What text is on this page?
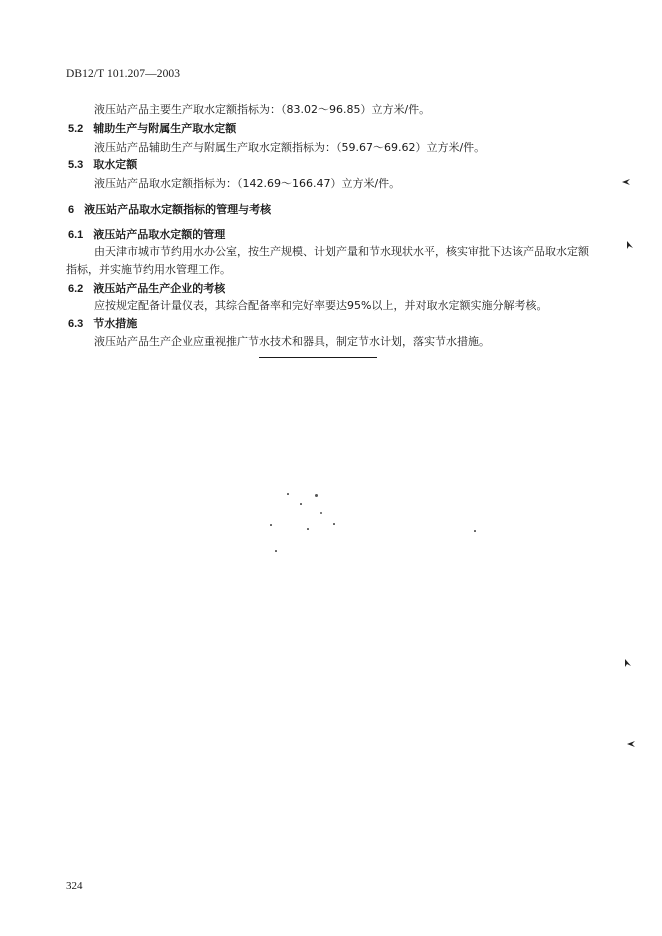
DB12/T 101.207—2003
液压站产品主要生产取水定额指标为：（83.02～96.85）立方米/件。
5.2 辅助生产与附属生产取水定额
液压站产品辅助生产与附属生产取水定额指标为：（59.67～69.62）立方米/件。
5.3 取水定额
液压站产品取水定额指标为：（142.69～166.47）立方米/件。
6 液压站产品取水定额指标的管理与考核
6.1 液压站产品取水定额的管理
由天津市城市节约用水办公室，按生产规模、计划产量和节水现状水平，核实审批下达该产品取水定额
指标，并实施节约用水管理工作。
6.2 液压站产品生产企业的考核
应按规定配备计量仪表，其综合配备率和完好率要达95%以上，并对取水定额实施分解考核。
6.3 节水措施
液压站产品生产企业应重视推广节水技术和器具，制定节水计划，落实节水措施。
324
